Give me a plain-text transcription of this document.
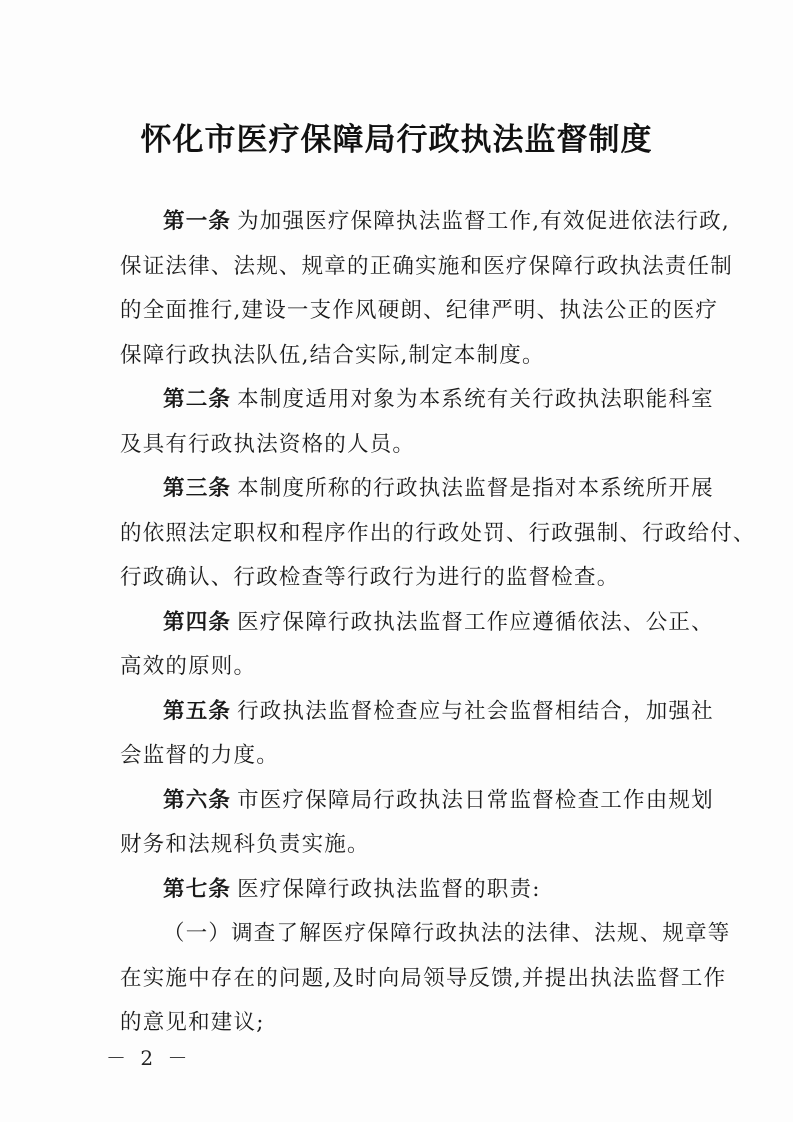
怀化市医疗保障局行政执法监督制度
第一条 为加强医疗保障执法监督工作,有效促进依法行政,
保证法律、法规、规章的正确实施和医疗保障行政执法责任制
的全面推行,建设一支作风硬朗、纪律严明、执法公正的医疗
保障行政执法队伍,结合实际,制定本制度。
第二条 本制度适用对象为本系统有关行政执法职能科室
及具有行政执法资格的人员。
第三条 本制度所称的行政执法监督是指对本系统所开展
的依照法定职权和程序作出的行政处罚、行政强制、行政给付、
行政确认、行政检查等行政行为进行的监督检查。
第四条 医疗保障行政执法监督工作应遵循依法、公正、
高效的原则。
第五条 行政执法监督检查应与社会监督相结合，加强社
会监督的力度。
第六条 市医疗保障局行政执法日常监督检查工作由规划
财务和法规科负责实施。
第七条 医疗保障行政执法监督的职责:
（一）调查了解医疗保障行政执法的法律、法规、规章等
在实施中存在的问题,及时向局领导反馈,并提出执法监督工作
的意见和建议;
－ 2 －
